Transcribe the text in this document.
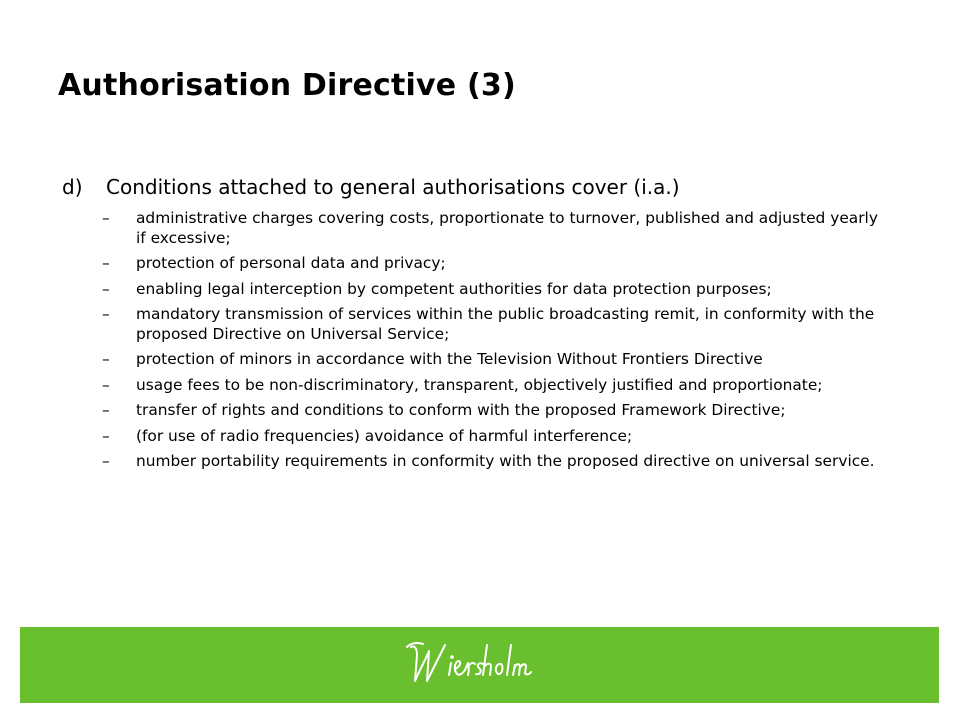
Authorisation Directive (3)
d) Conditions attached to general authorisations cover (i.a.)
– administrative charges covering costs, proportionate to turnover, published and adjusted yearly if excessive;
– protection of personal data and privacy;
– enabling legal interception by competent authorities for data protection purposes;
– mandatory transmission of services within the public broadcasting remit, in conformity with the proposed Directive on Universal Service;
– protection of minors in accordance with the Television Without Frontiers Directive
– usage fees to be non-discriminatory, transparent, objectively justified and proportionate;
– transfer of rights and conditions to conform with the proposed Framework Directive;
– (for use of radio frequencies) avoidance of harmful interference;
– number portability requirements in conformity with the proposed directive on universal service.
Wiersholm
